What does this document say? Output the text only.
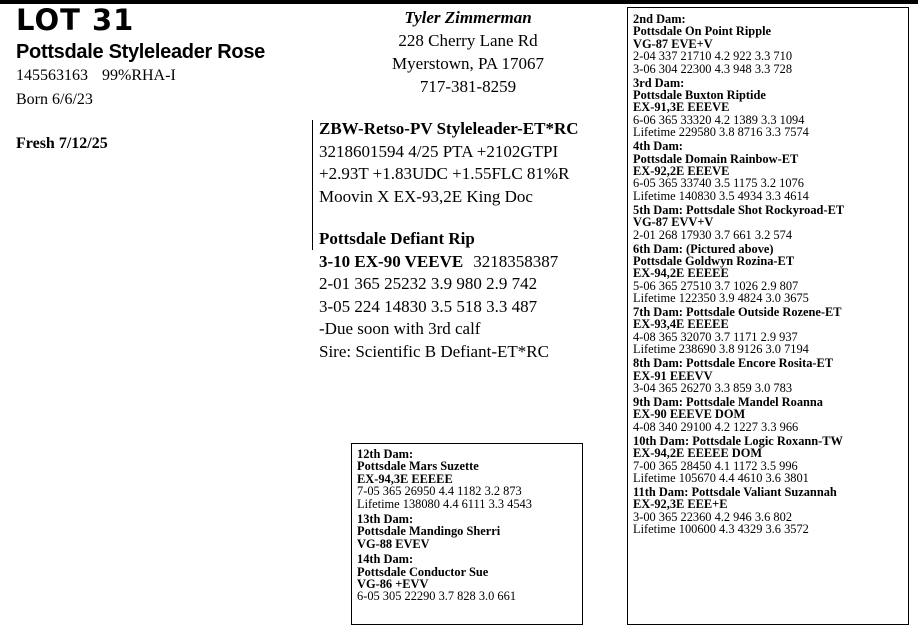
LOT 31
Pottsdale Styleleader Rose
145563163 99%RHA-I
Born 6/6/23
Fresh 7/12/25
Tyler Zimmerman
228 Cherry Lane Rd
Myerstown, PA 17067
717-381-8259
ZBW-Retso-PV Styleleader-ET*RC
3218601594 4/25 PTA +2102GTPI
+2.93T +1.83UDC +1.55FLC 81%R
Moovin X EX-93,2E King Doc
Pottsdale Defiant Rip
3-10 EX-90 VEEVE 3218358387
2-01 365 25232 3.9 980 2.9 742
3-05 224 14830 3.5 518 3.3 487
-Due soon with 3rd calf
Sire: Scientific B Defiant-ET*RC
2nd Dam:
Pottsdale On Point Ripple
VG-87 EVE+V
2-04 337 21710 4.2 922 3.3 710
3-06 304 22300 4.3 948 3.3 728
3rd Dam:
Pottsdale Buxton Riptide
EX-91,3E EEEVE
6-06 365 33320 4.2 1389 3.3 1094
Lifetime 229580 3.8 8716 3.3 7574
4th Dam:
Pottsdale Domain Rainbow-ET
EX-92,2E EEEVE
6-05 365 33740 3.5 1175 3.2 1076
Lifetime 140830 3.5 4934 3.3 4614
5th Dam: Pottsdale Shot Rockyroad-ET
VG-87 EVV+V
2-01 268 17930 3.7 661 3.2 574
6th Dam: (Pictured above)
Pottsdale Goldwyn Rozina-ET
EX-94,2E EEEEE
5-06 365 27510 3.7 1026 2.9 807
Lifetime 122350 3.9 4824 3.0 3675
7th Dam: Pottsdale Outside Rozene-ET
EX-93,4E EEEEE
4-08 365 32070 3.7 1171 2.9 937
Lifetime 238690 3.8 9126 3.0 7194
8th Dam: Pottsdale Encore Rosita-ET
EX-91 EEEVV
3-04 365 26270 3.3 859 3.0 783
9th Dam: Pottsdale Mandel Roanna
EX-90 EEEVE DOM
4-08 340 29100 4.2 1227 3.3 966
10th Dam: Pottsdale Logic Roxann-TW
EX-94,2E EEEEE DOM
7-00 365 28450 4.1 1172 3.5 996
Lifetime 105670 4.4 4610 3.6 3801
11th Dam: Pottsdale Valiant Suzannah
EX-92,3E EEE+E
3-00 365 22360 4.2 946 3.6 802
Lifetime 100600 4.3 4329 3.6 3572
12th Dam:
Pottsdale Mars Suzette
EX-94,3E EEEEE
7-05 365 26950 4.4 1182 3.2 873
Lifetime 138080 4.4 6111 3.3 4543
13th Dam:
Pottsdale Mandingo Sherri
VG-88 EVEV
14th Dam:
Pottsdale Conductor Sue
VG-86 +EVV
6-05 305 22290 3.7 828 3.0 661
